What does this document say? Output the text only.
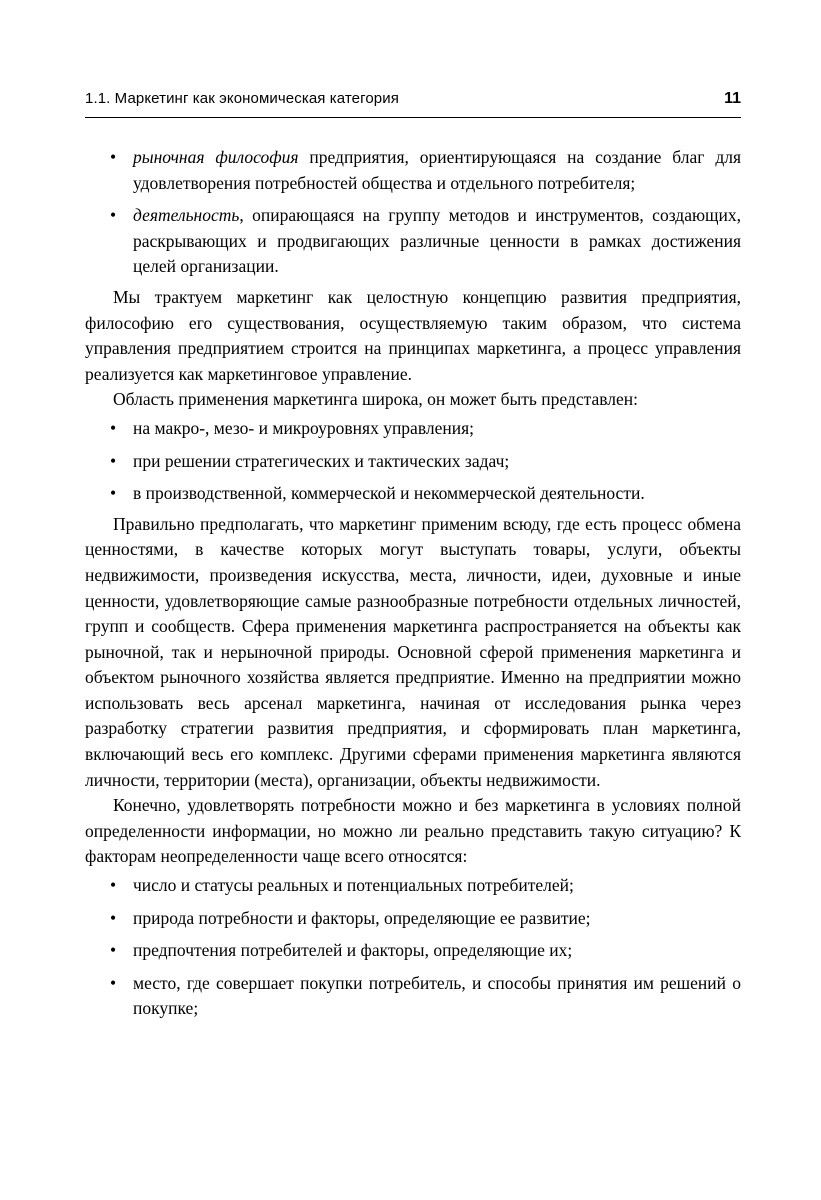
1.1. Маркетинг как экономическая категория	11
• рыночная философия предприятия, ориентирующаяся на создание благ для удовлетворения потребностей общества и отдельного потребителя;
• деятельность, опирающаяся на группу методов и инструментов, создающих, раскрывающих и продвигающих различные ценности в рамках достижения целей организации.

Мы трактуем маркетинг как целостную концепцию развития предприятия, философию его существования, осуществляемую таким образом, что система управления предприятием строится на принципах маркетинга, а процесс управления реализуется как маркетинговое управление.

Область применения маркетинга широка, он может быть представлен:

• на макро-, мезо- и микроуровнях управления;
• при решении стратегических и тактических задач;
• в производственной, коммерческой и некоммерческой деятельности.

Правильно предполагать, что маркетинг применим всюду, где есть процесс обмена ценностями, в качестве которых могут выступать товары, услуги, объекты недвижимости, произведения искусства, места, личности, идеи, духовные и иные ценности, удовлетворяющие самые разнообразные потребности отдельных личностей, групп и сообществ. Сфера применения маркетинга распространяется на объекты как рыночной, так и нерыночной природы. Основной сферой применения маркетинга и объектом рыночного хозяйства является предприятие. Именно на предприятии можно использовать весь арсенал маркетинга, начиная от исследования рынка через разработку стратегии развития предприятия, и сформировать план маркетинга, включающий весь его комплекс. Другими сферами применения маркетинга являются личности, территории (места), организации, объекты недвижимости.

Конечно, удовлетворять потребности можно и без маркетинга в условиях полной определенности информации, но можно ли реально представить такую ситуацию? К факторам неопределенности чаще всего относятся:

• число и статусы реальных и потенциальных потребителей;
• природа потребности и факторы, определяющие ее развитие;
• предпочтения потребителей и факторы, определяющие их;
• место, где совершает покупки потребитель, и способы принятия им решений о покупке;
